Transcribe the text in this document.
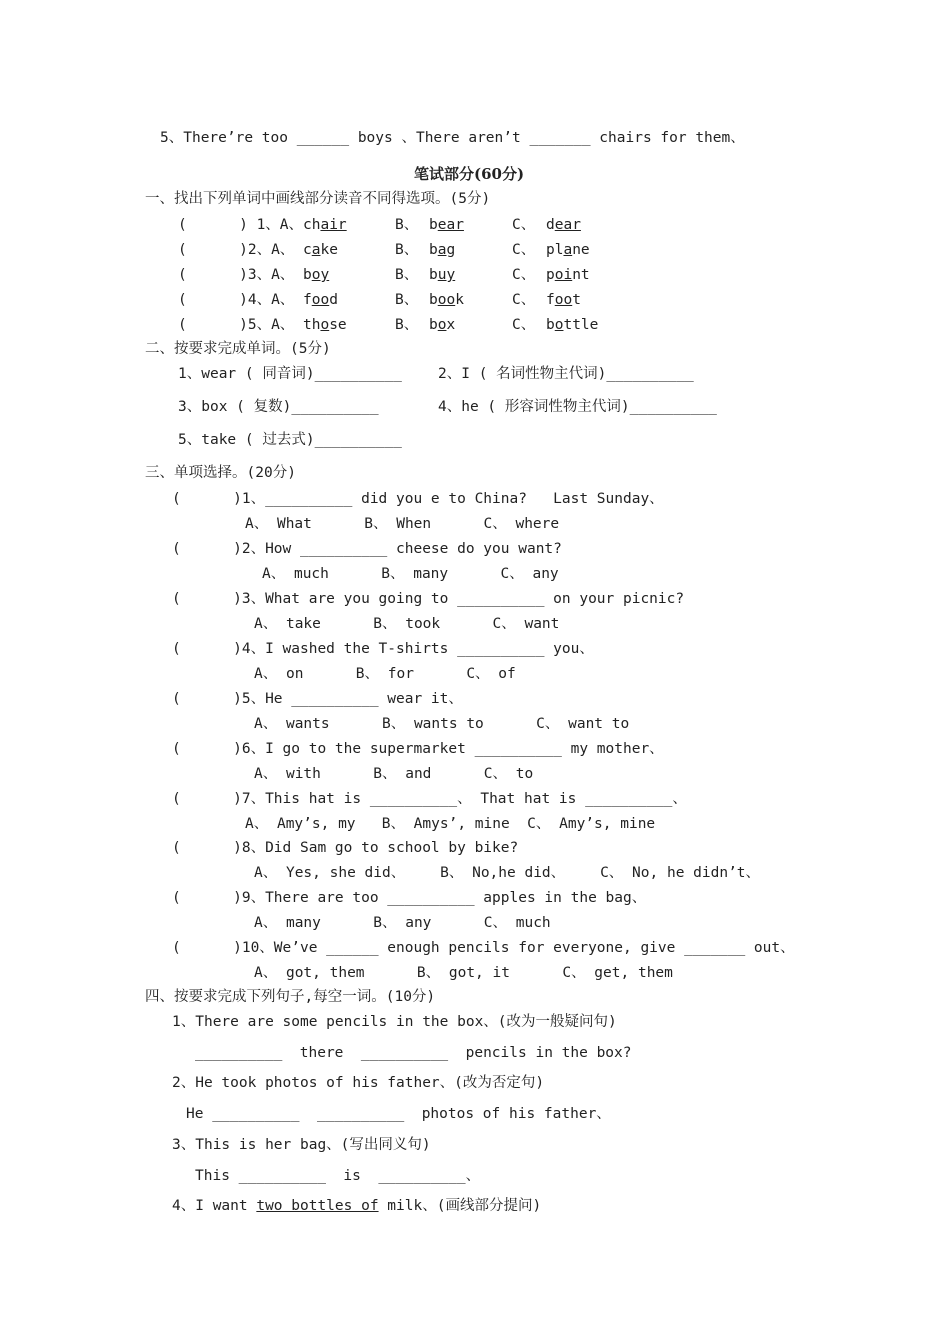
5、There’re too ______ boys 、There aren’t _______ chairs for them、
笔试部分(60分)
一、找出下列单词中画线部分读音不同得选项。(5分)
(      ) 1、A、 chair	B、 bear	C、 dear
(      )2、A、 cake	B、 bag	C、 plane
(      )3、A、 boy	B、 buy	C、 point
(      )4、A、 food	B、 book	C、 foot
(      )5、A、 those	B、 box	C、 bottle
二、按要求完成单词。(5分)
1、wear ( 同音词)__________ 2、I ( 名词性物主代词)__________
3、box ( 复数)__________	4、he ( 形容词性物主代词)__________
5、take ( 过去式)__________
三、单项选择。(20分)
(      )1、__________ did you e to China?   Last Sunday、
A、 What      B、 When      C、 where
(      )2、How __________ cheese do you want?
A、 much      B、 many      C、 any
(      )3、What are you going to __________ on your picnic?
A、 take      B、 took      C、 want
(      )4、I washed the T-shirts __________ you、
A、 on      B、 for      C、 of
(      )5、He __________ wear it、
A、 wants      B、 wants to      C、 want to
(      )6、I go to the supermarket __________ my mother、
A、 with      B、 and      C、 to
(      )7、This hat is __________、 That hat is __________、
A、 Amy’s, my   B、 Amys’, mine  C、 Amy’s, mine
(      )8、Did Sam go to school by bike?
A、 Yes, she did、    B、 No,he did、    C、 No, he didn’t、
(      )9、There are too __________ apples in the bag、
A、 many      B、 any      C、 much
(      )10、We’ve ______ enough pencils for everyone, give _______ out、
A、 got, them      B、 got, it      C、 get, them
四、按要求完成下列句子,每空一词。(10分)
1、There are some pencils in the box、(改为一般疑问句)
__________  there  __________  pencils in the box?
2、He took photos of his father、(改为否定句)
He __________  __________  photos of his father、
3、This is her bag、(写出同义句)
This __________  is  __________、
4、I want two bottles of milk、(画线部分提问)
